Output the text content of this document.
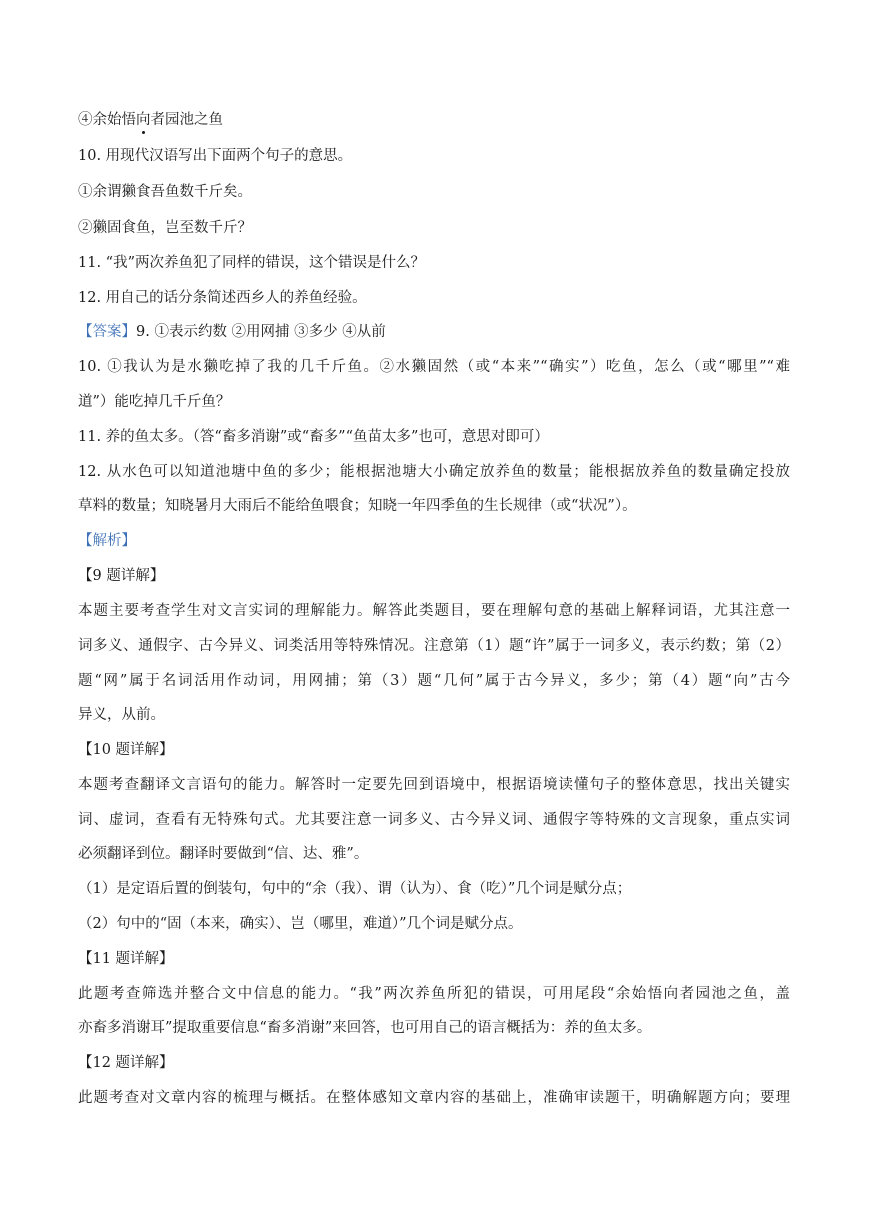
④余始悟向者园池之鱼
10. 用现代汉语写出下面两个句子的意思。
①余谓獭食吾鱼数千斤矣。
②獭固食鱼，岂至数千斤？
11. “我”两次养鱼犯了同样的错误，这个错误是什么？
12. 用自己的话分条简述西乡人的养鱼经验。
【答案】9. ①表示约数 ②用网捕 ③多少 ④从前
10. ①我认为是水獭吃掉了我的几千斤鱼。②水獭固然（或“本来”“确实”）吃鱼，怎么（或“哪里”“难
道”）能吃掉几千斤鱼？
11. 养的鱼太多。（答“畜多消谢”或“畜多”“鱼苗太多”也可，意思对即可）
12. 从水色可以知道池塘中鱼的多少；能根据池塘大小确定放养鱼的数量；能根据放养鱼的数量确定投放
草料的数量；知晓暑月大雨后不能给鱼喂食；知晓一年四季鱼的生长规律（或“状况”）。
【解析】
【9 题详解】
本题主要考查学生对文言实词的理解能力。解答此类题目，要在理解句意的基础上解释词语，尤其注意一
词多义、通假字、古今异义、词类活用等特殊情况。注意第（1）题“许”属于一词多义，表示约数；第（2）
题“网”属于名词活用作动词，用网捕；第（3）题“几何”属于古今异义，多少；第（4）题“向”古今
异义，从前。
【10 题详解】
本题考查翻译文言语句的能力。解答时一定要先回到语境中，根据语境读懂句子的整体意思，找出关键实
词、虚词，查看有无特殊句式。尤其要注意一词多义、古今异义词、通假字等特殊的文言现象，重点实词
必须翻译到位。翻译时要做到“信、达、雅”。
（1）是定语后置的倒装句，句中的“余（我）、谓（认为）、食（吃）”几个词是赋分点；
（2）句中的“固（本来，确实）、岂（哪里，难道）”几个词是赋分点。
【11 题详解】
此题考查筛选并整合文中信息的能力。“我”两次养鱼所犯的错误，可用尾段“余始悟向者园池之鱼，盖
亦畜多消谢耳”提取重要信息“畜多消谢”来回答，也可用自己的语言概括为：养的鱼太多。
【12 题详解】
此题考查对文章内容的梳理与概括。在整体感知文章内容的基础上，准确审读题干，明确解题方向；要理
